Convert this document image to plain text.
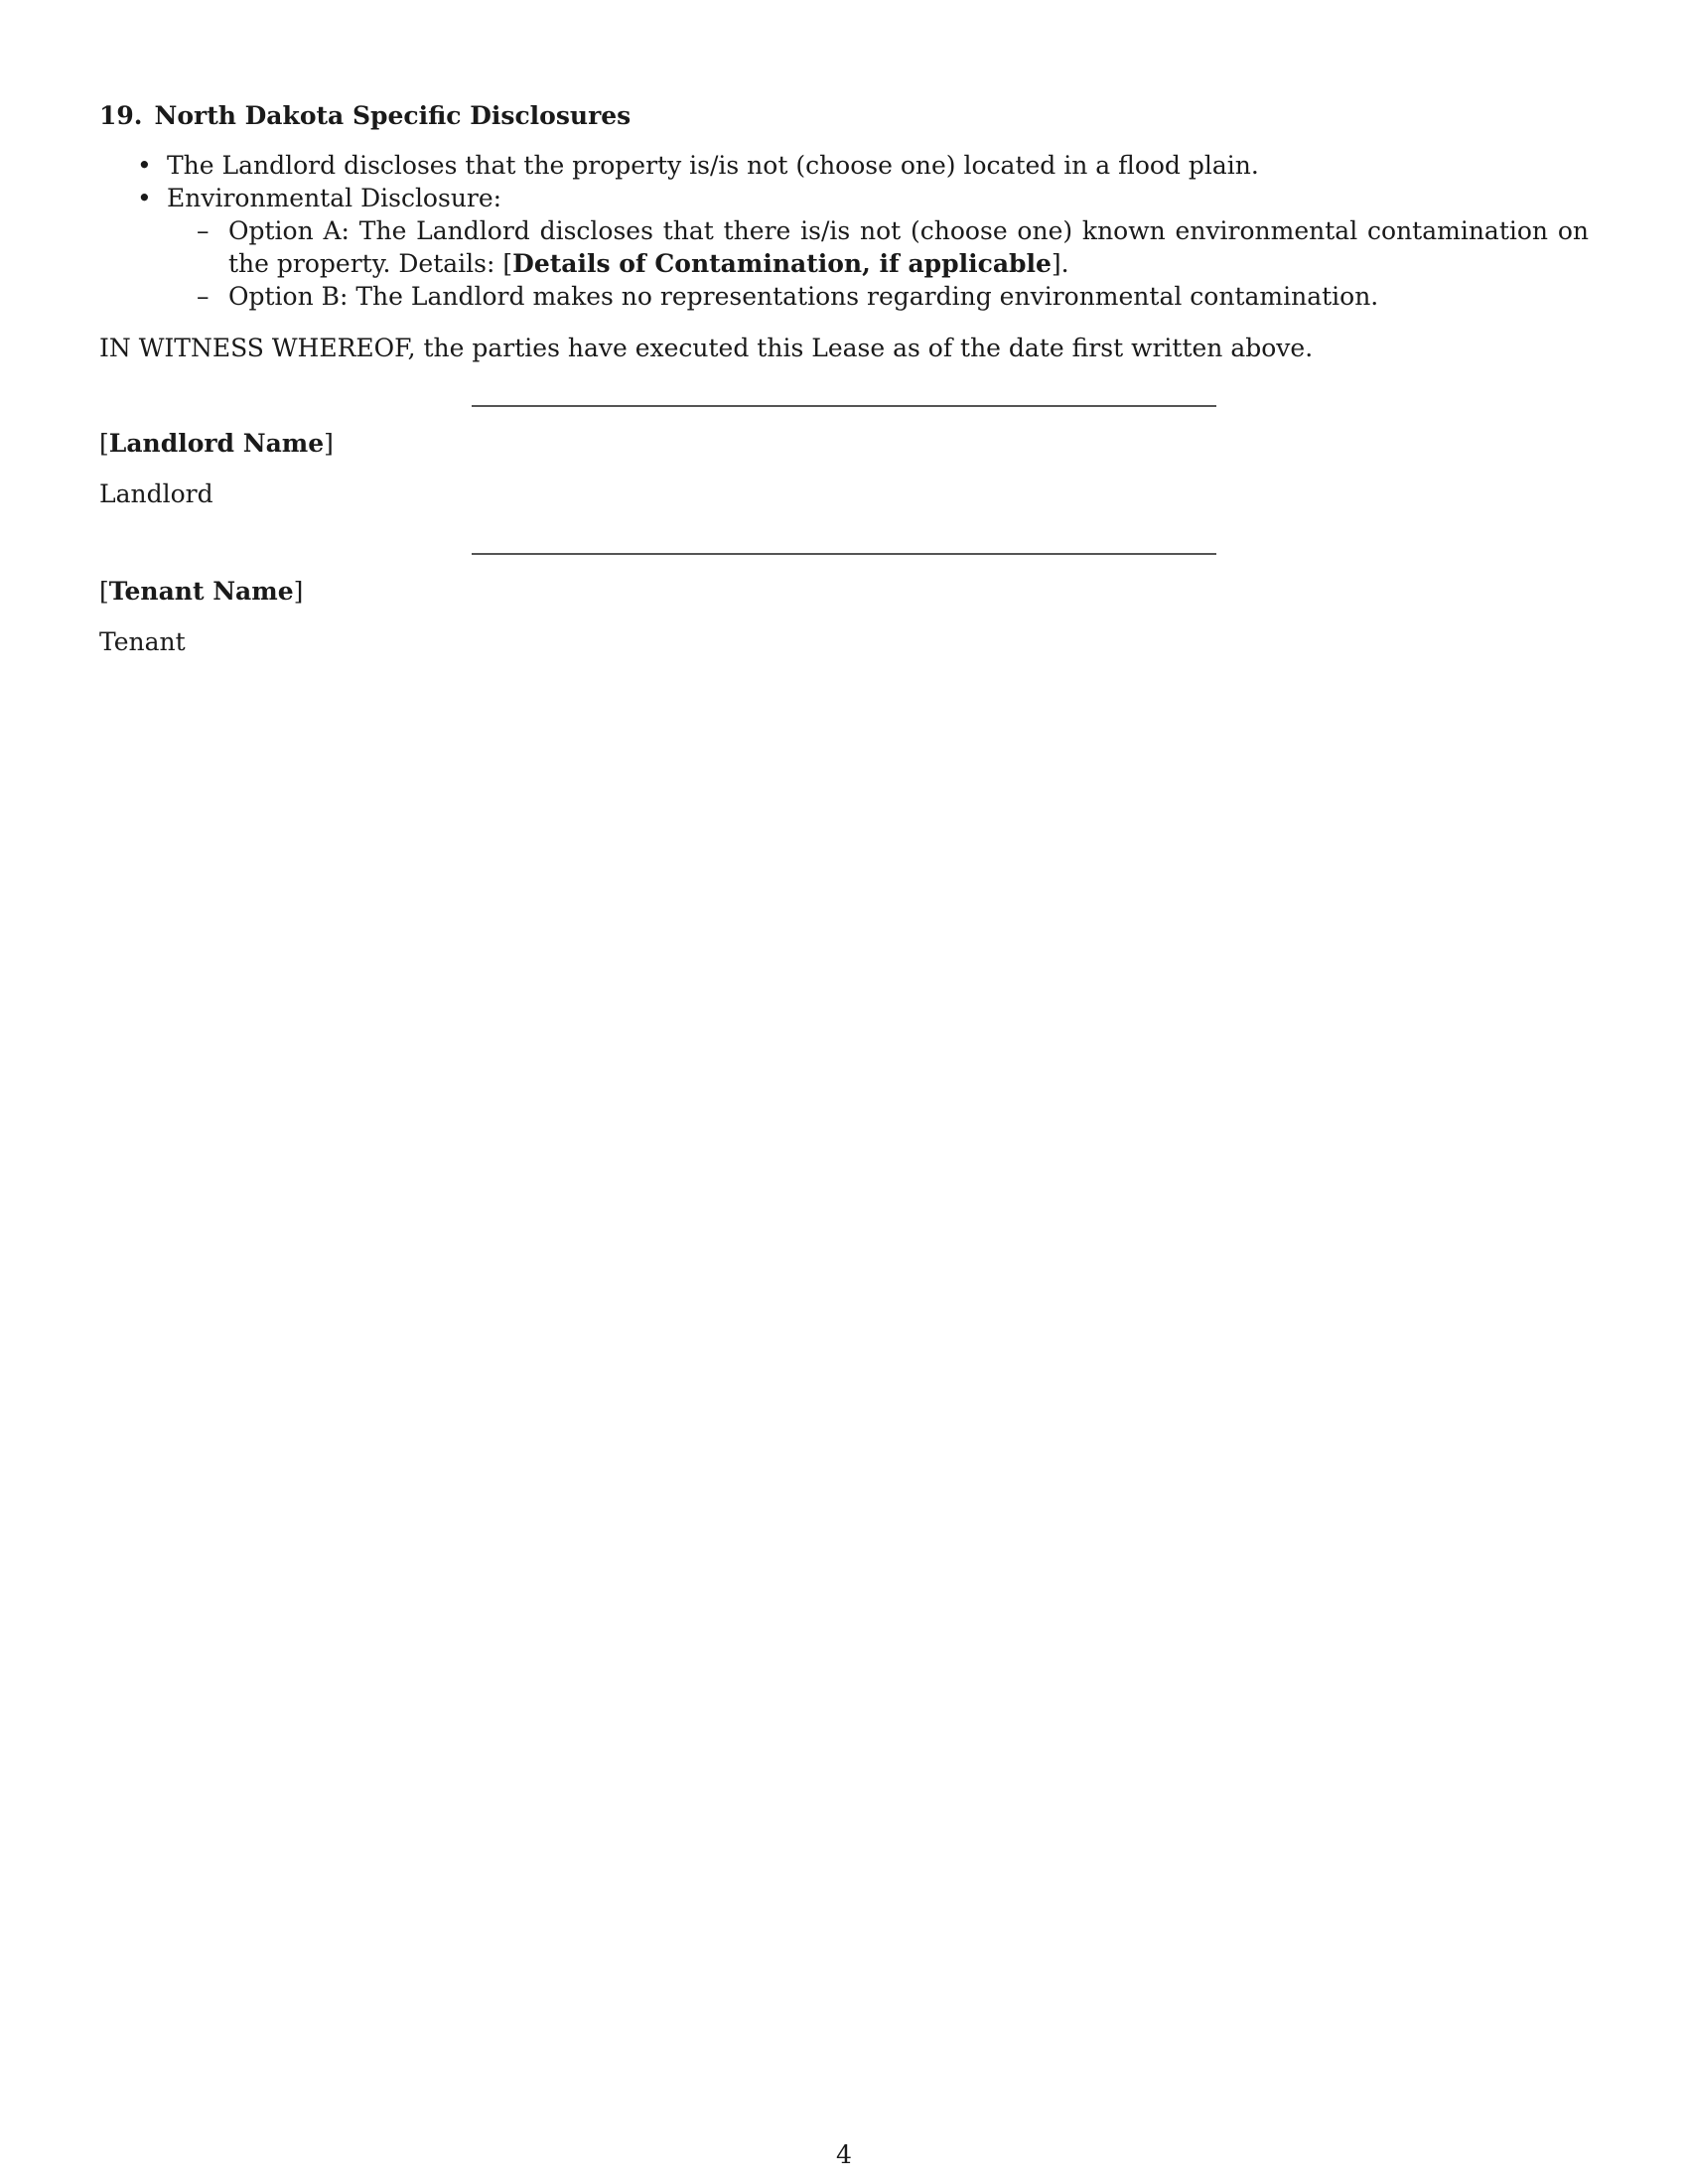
19. North Dakota Specific Disclosures
• The Landlord discloses that the property is/is not (choose one) located in a flood plain.
• Environmental Disclosure:
– Option A: The Landlord discloses that there is/is not (choose one) known environmental contamination on the property. Details: [Details of Contamination, if applicable].
– Option B: The Landlord makes no representations regarding environmental contamination.

IN WITNESS WHEREOF, the parties have executed this Lease as of the date first written above.

[Landlord Name]

Landlord

[Tenant Name]

Tenant

4
